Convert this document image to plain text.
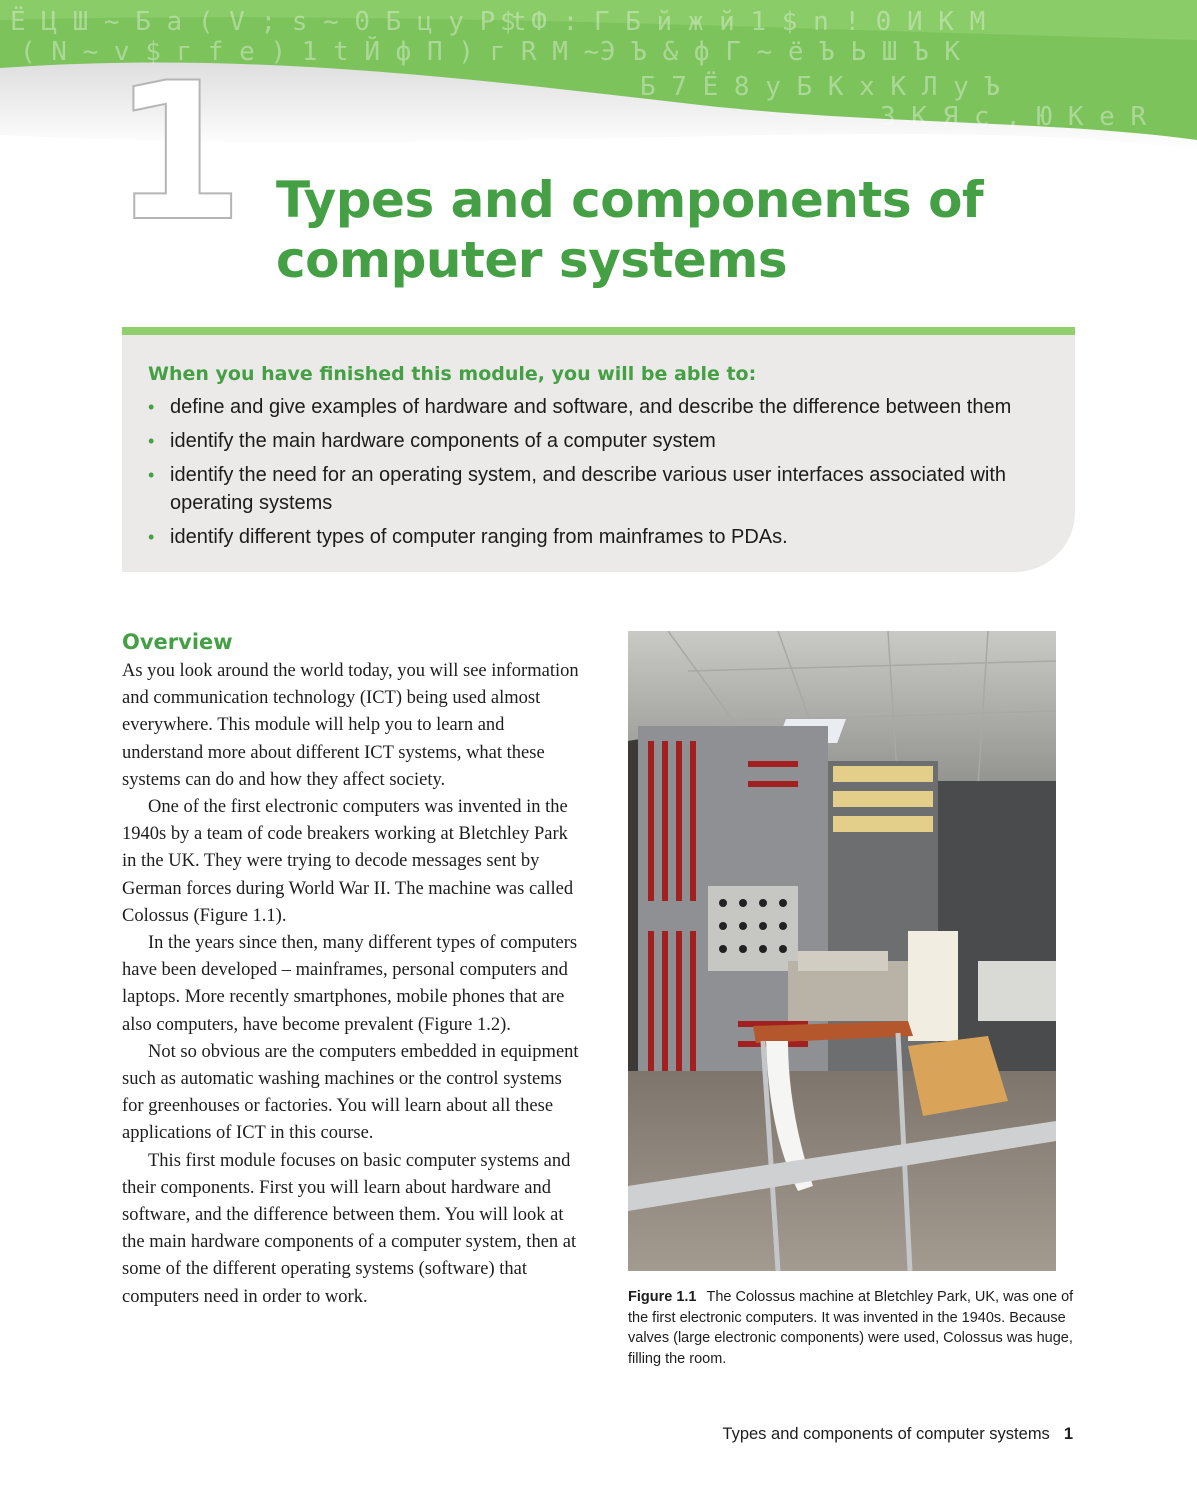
Ё Ц Ш ~ Б а ( V ; s ~ 0 Б ц y P t
$ Ф : Г Б й ж й 1 $ n ! 0 И К М
( N ~ v $ г f e ) 1 t Й ф П ) г R М ~ Э Ъ & ф Г ~ ё Ъ Ь Ш Ъ К
Б 7 Ё 8 у Б К х К Л у Ъ
3 К Я с , Ю К e R
1 Types and components of
computer systems
When you have finished this module, you will be able to:
• define and give examples of hardware and software, and describe the difference between them
• identify the main hardware components of a computer system
• identify the need for an operating system, and describe various user interfaces associated with operating systems
• identify different types of computer ranging from mainframes to PDAs.
Overview

As you look around the world today, you will see information and communication technology (ICT) being used almost everywhere. This module will help you to learn and understand more about different ICT systems, what these systems can do and how they affect society.

One of the first electronic computers was invented in the 1940s by a team of code breakers working at Bletchley Park in the UK. They were trying to decode messages sent by German forces during World War II. The machine was called Colossus (Figure 1.1).

In the years since then, many different types of computers have been developed – mainframes, personal computers and laptops. More recently smartphones, mobile phones that are also computers, have become prevalent (Figure 1.2).

Not so obvious are the computers embedded in equipment such as automatic washing machines or the control systems for greenhouses or factories. You will learn about all these applications of ICT in this course.

This first module focuses on basic computer systems and their components. First you will learn about hardware and software, and the difference between them. You will look at the main hardware components of a computer system, then at some of the different operating systems (software) that computers need in order to work.	Figure 1.1 The Colossus machine at Bletchley Park, UK, was one of the first electronic computers. It was invented in the 1940s. Because valves (large electronic components) were used, Colossus was huge, filling the room.

Types and components of computer systems 1
